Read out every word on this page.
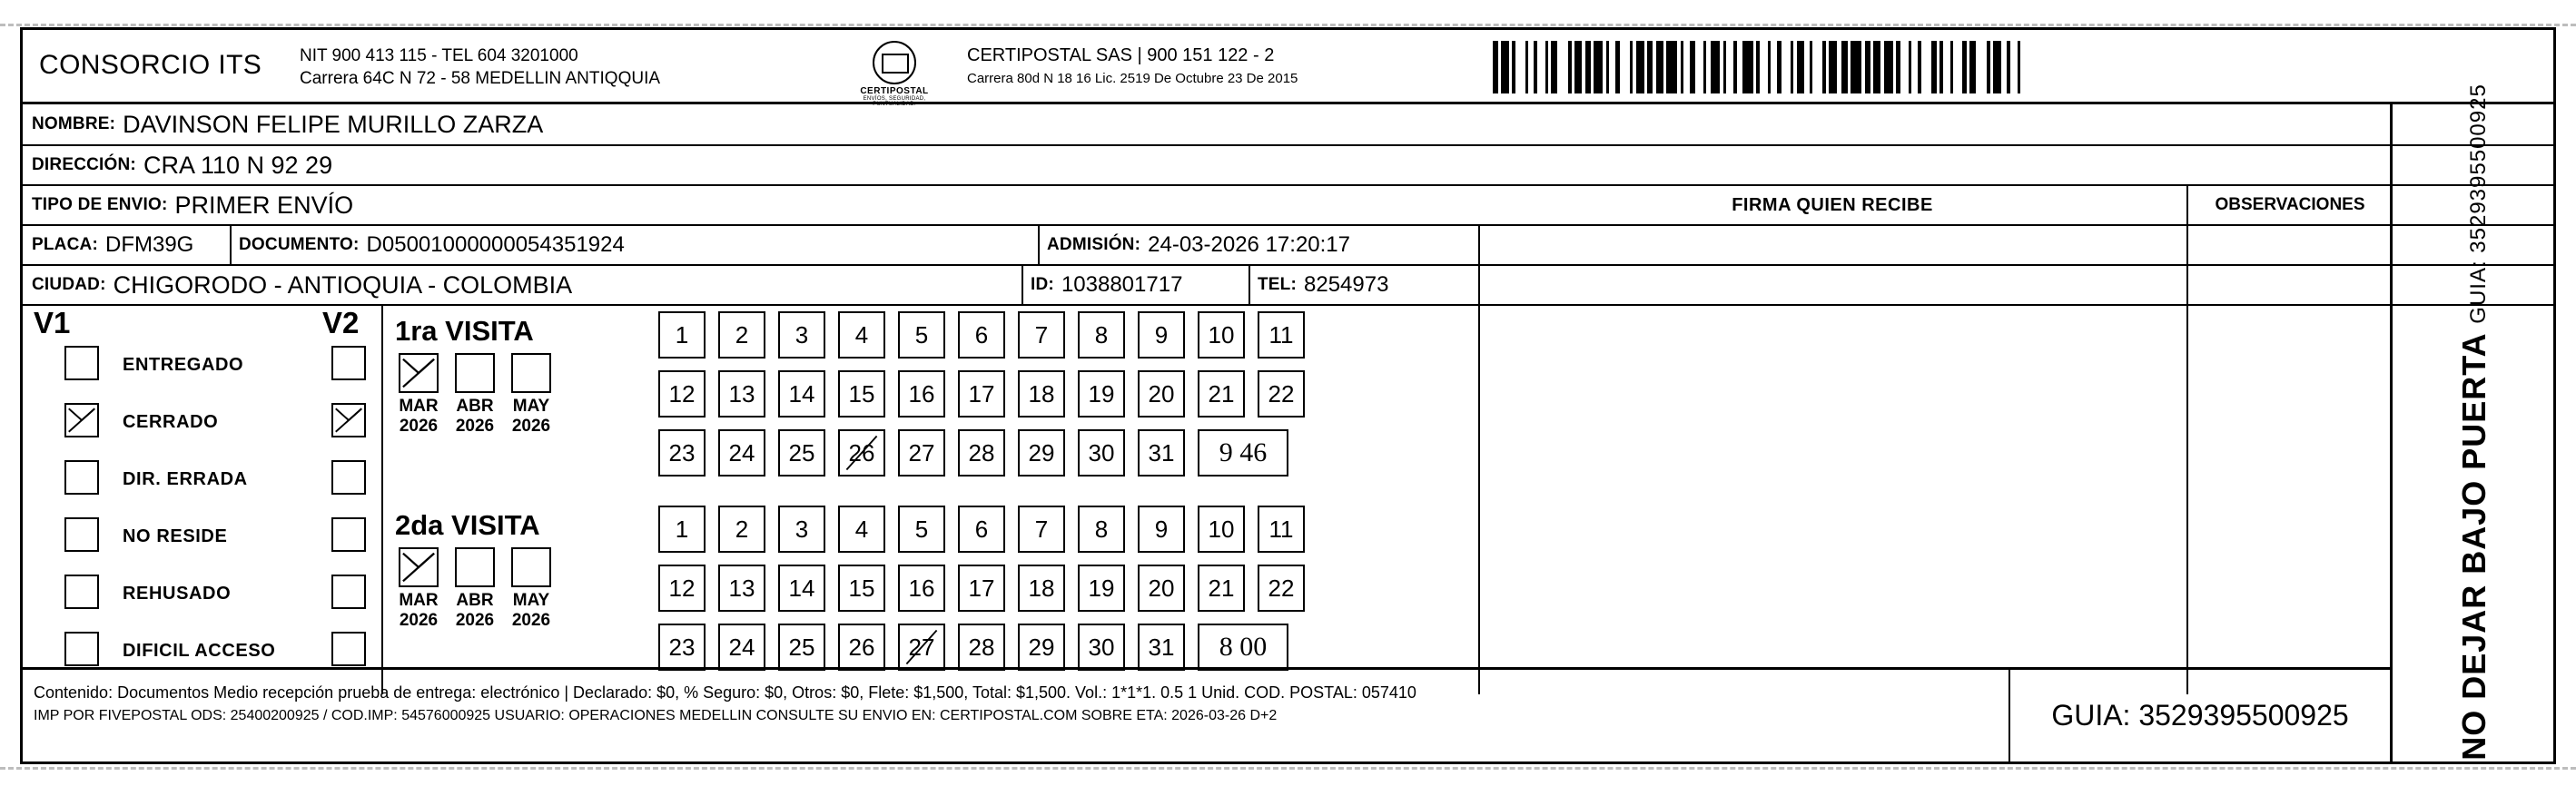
CONSORCIO ITS NIT 900 413 115 - TEL 604 3201000
Carrera 64C N 72 - 58 MEDELLIN ANTIQQUIA
CERTIPOSTAL
ENVÍOS, SEGURIDAD, PUNTUALIDAD.
CERTIPOSTAL SAS | 900 151 122 - 2
Carrera 80d N 18 16 Lic. 2519 De Octubre 23 De 2015
NOMBRE: DAVINSON FELIPE MURILLO ZARZA
DIRECCIÓN: CRA 110 N 92 29
TIPO DE ENVIO: PRIMER ENVÍO
PLACA: DFM39G	DOCUMENTO: D05001000000054351924	ADMISIÓN: 24-03-2026 17:20:17
CIUDAD: CHIGORODO - ANTIOQUIA - COLOMBIA	ID: 1038801717	TEL: 8254973
FIRMA QUIEN RECIBE	OBSERVACIONES
NO DEJAR BAJO PUERTA GUIA: 3529395500925
V1	V2
ENTREGADO
CERRADO
DIR. ERRADA
NO RESIDE
REHUSADO
DIFICIL ACCESO
1ra VISITA
MAR
2026
ABR
2026
MAY
2026
1	2	3	4	5	6	7	8	9	10	11
12	13	14	15	16	17	18	19	20	21	22
23	24	25	26	27	28	29	30	31	9 46
2da VISITA
MAR
2026
ABR
2026
MAY
2026
1	2	3	4	5	6	7	8	9	10	11
12	13	14	15	16	17	18	19	20	21	22
23	24	25	26	27	28	29	30	31	8 00
Contenido: Documentos Medio recepción prueba de entrega: electrónico | Declarado: $0, % Seguro: $0, Otros: $0, Flete: $1,500, Total: $1,500. Vol.: 1*1*1. 0.5 1 Unid. COD. POSTAL: 057410
IMP POR FIVEPOSTAL ODS: 25400200925 / COD.IMP: 54576000925 USUARIO: OPERACIONES MEDELLIN CONSULTE SU ENVIO EN: CERTIPOSTAL.COM SOBRE ETA: 2026-03-26 D+2	GUIA: 3529395500925
